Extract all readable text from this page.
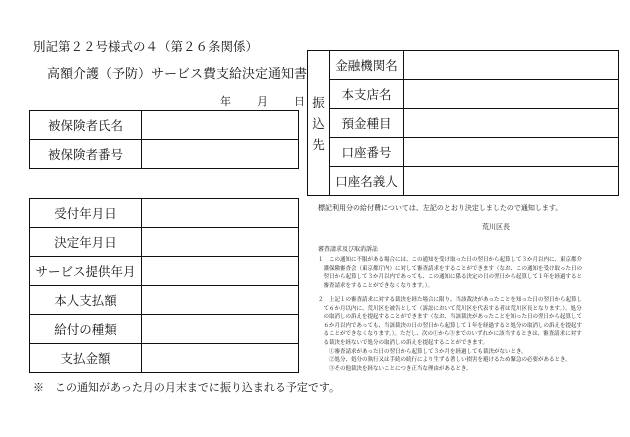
別記第２２号様式の４（第２６条関係）
高額介護（予防）サービス費支給決定通知書
年 月 日
被保険者氏名	
被保険者番号	
受付年月日	
決定年月日	
サービス提供年月	
本人支払額	
給付の種類	
支払金額	
※　この通知があった月の月末までに振り込まれる予定です。
振
込
先	金融機関名	
	本支店名	
	預金種目	
	口座番号	
	口座名義人	
標記利用分の給付費については、左記のとおり決定しましたので通知します。
荒川区長
審査請求及び取消訴訟
１　この通知に不服がある場合には、この通知を受け取った日の翌日から起算して３か月以内に、東京都介
　護保険審査会（東京都庁内）に対して審査請求をすることができます（なお、この通知を受け取った日の
　翌日から起算して３か月以内であっても、この通知に係る決定の日の翌日から起算して１年を経過すると
　審査請求をすることができなくなります。）。
２　上記１の審査請求に対する裁決を経た場合に限り、当該裁決があったことを知った日の翌日から起算し
　て６か月以内に、荒川区を被告として（訴訟において荒川区を代表する者は荒川区長となります。）、処分
　の取消しの訴えを提起することができます（なお、当該裁決があったことを知った日の翌日から起算して
　６か月以内であっても、当該裁決の日の翌日から起算して１年を経過すると処分の取消しの訴えを提起す
　ることができなくなります。）。ただし、次の①から③までのいずれかに該当するときは、審査請求に対す
　る裁決を経ないで処分の取消しの訴えを提起することができます。
　　①審査請求があった日の翌日から起算して３か月を経過しても裁決がないとき。
　　②処分、処分の執行又は手続の続行により生ずる著しい損害を避けるため緊急の必要があるとき。
　　③その他裁決を経ないことにつき正当な理由があるとき。
